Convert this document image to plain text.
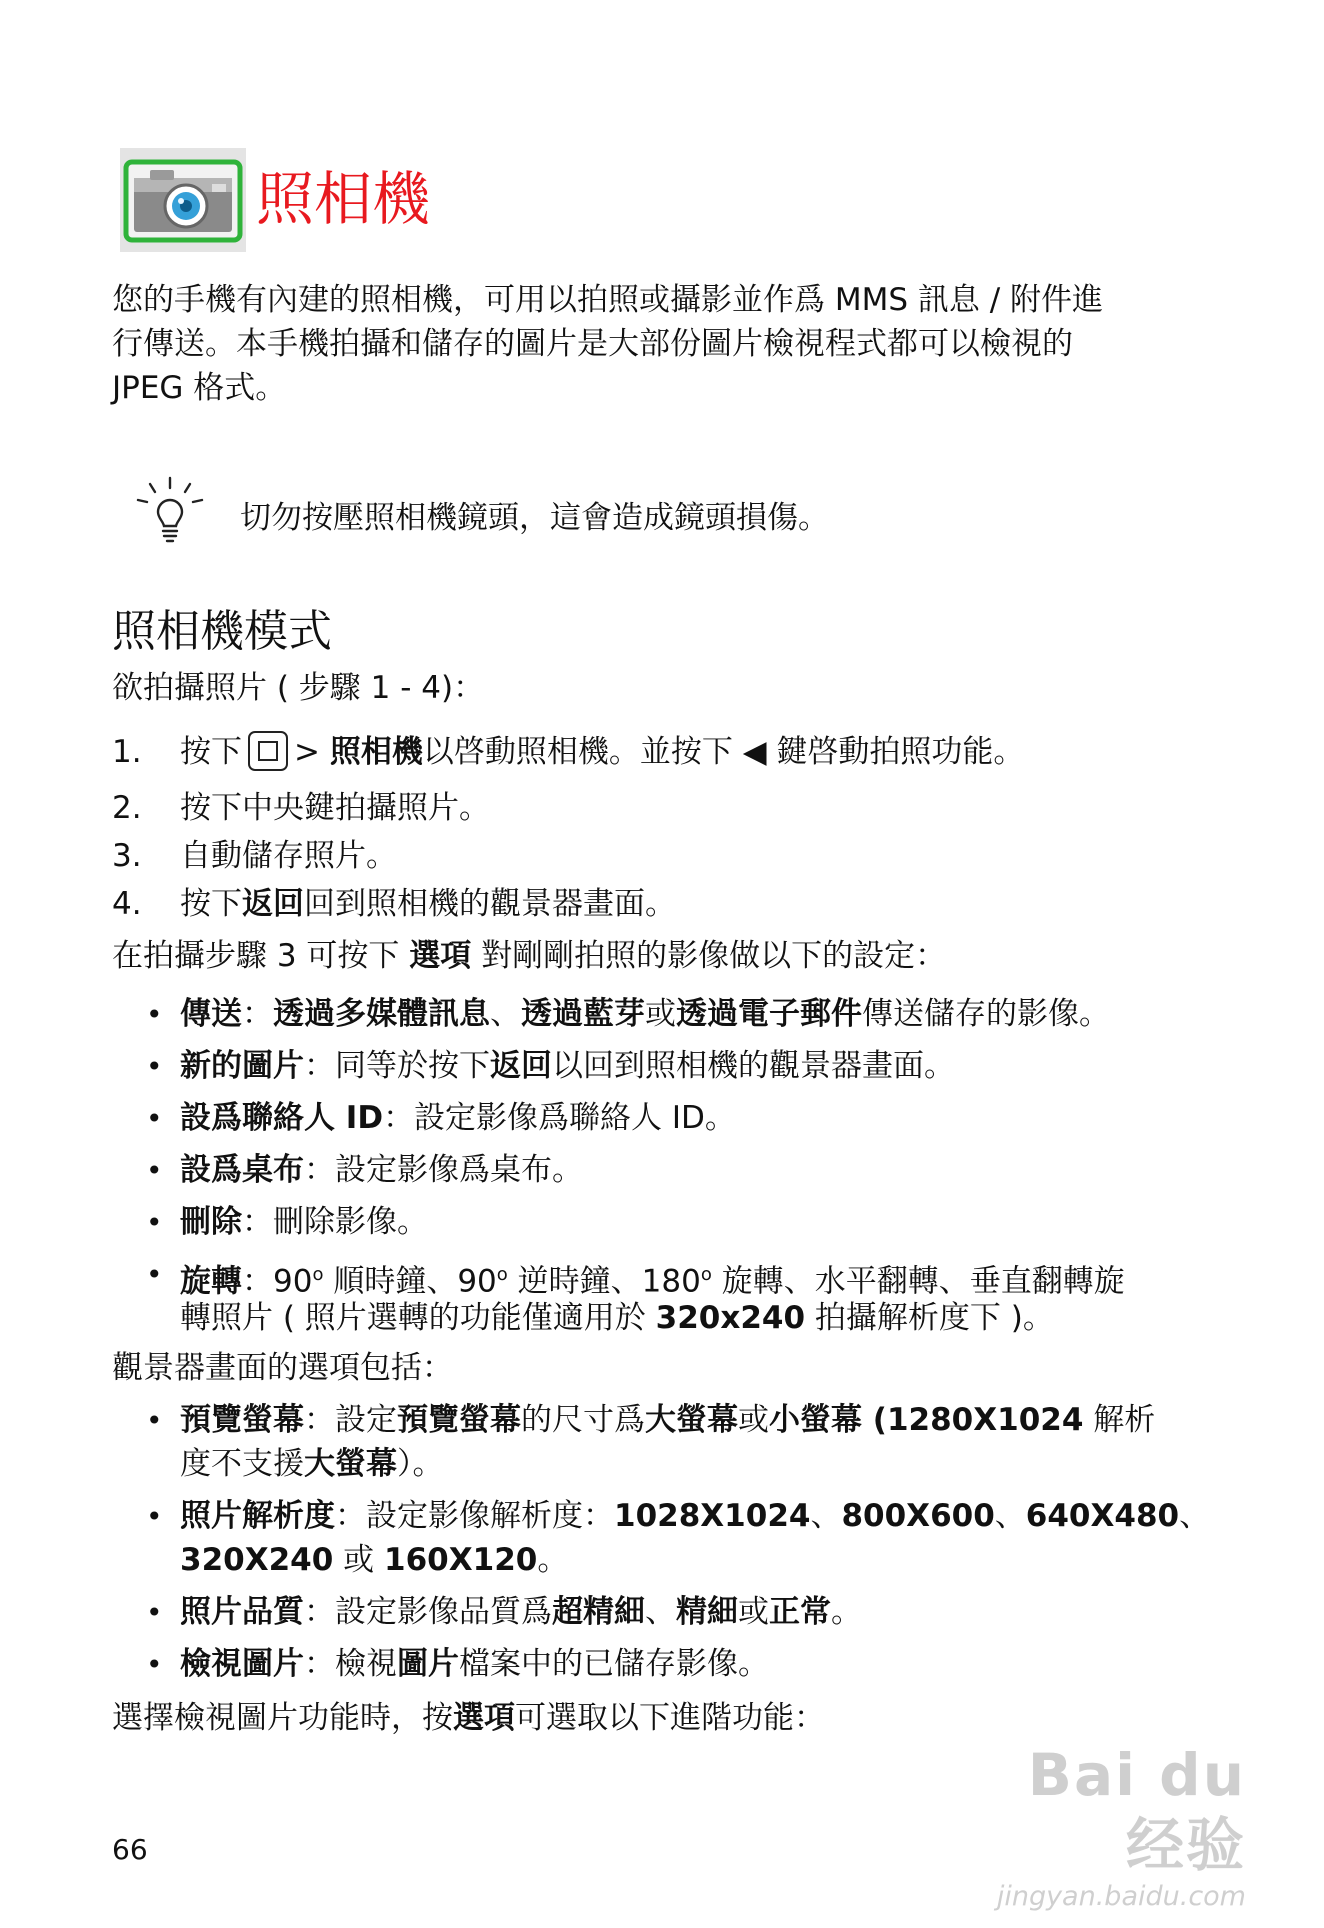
照相機
您的手機有內建的照相機，可用以拍照或攝影並作爲 MMS 訊息 / 附件進
行傳送。本手機拍攝和儲存的圖片是大部份圖片檢視程式都可以檢視的
JPEG 格式。
切勿按壓照相機鏡頭，這會造成鏡頭損傷。
照相機模式
欲拍攝照片 ( 步驟 1 - 4)：
1. 按下 > 照相機以啓動照相機。並按下 ◀ 鍵啓動拍照功能。
2. 按下中央鍵拍攝照片。
3. 自動儲存照片。
4. 按下返回回到照相機的觀景器畫面。
在拍攝步驟 3 可按下 選項 對剛剛拍照的影像做以下的設定：
• 傳送：透過多媒體訊息、透過藍芽或透過電子郵件傳送儲存的影像。
• 新的圖片：同等於按下返回以回到照相機的觀景器畫面。
• 設爲聯絡人 ID：設定影像爲聯絡人 ID。
• 設爲桌布：設定影像爲桌布。
• 刪除：刪除影像。
• 旋轉：90$^o$ 順時鐘、90$^o$ 逆時鐘、180$^o$ 旋轉、水平翻轉、垂直翻轉旋
轉照片 ( 照片選轉的功能僅適用於 320x240 拍攝解析度下 )。
觀景器畫面的選項包括：
• 預覽螢幕：設定預覽螢幕的尺寸爲大螢幕或小螢幕 (1280X1024 解析
度不支援大螢幕）。
• 照片解析度：設定影像解析度：1028X1024、800X600、640X480、
320X240 或 160X120。
• 照片品質：設定影像品質爲超精細、精細或正常。
• 檢視圖片：檢視圖片檔案中的已儲存影像。
選擇檢視圖片功能時，按選項可選取以下進階功能：
66
Bai du 经验
jingyan.baidu.com
